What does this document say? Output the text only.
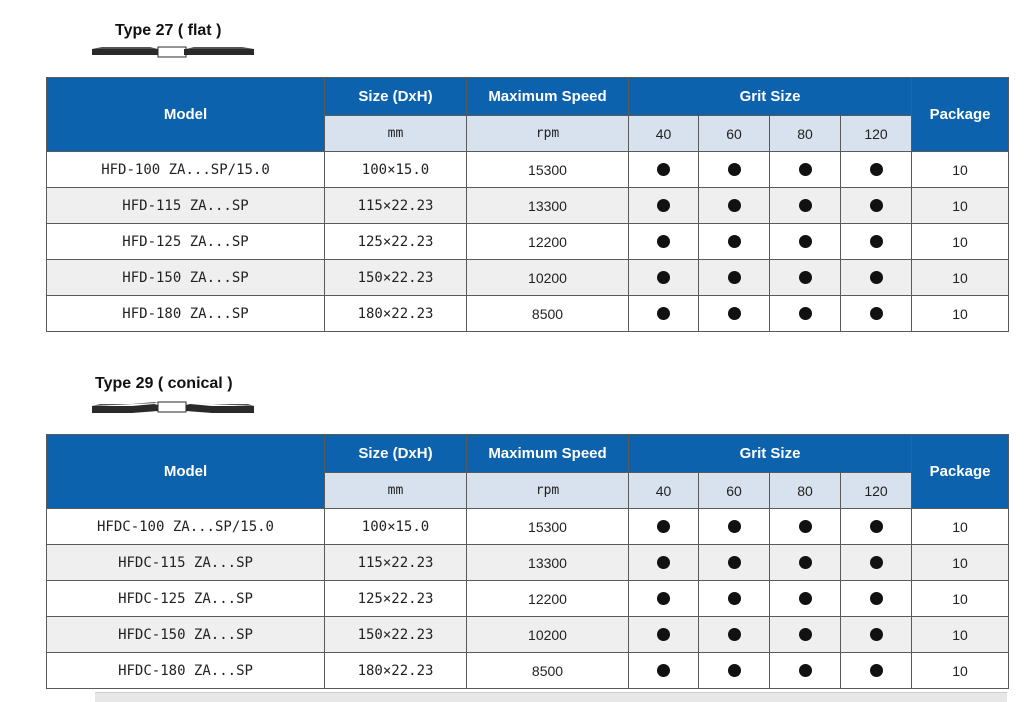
Type 27 ( flat )
Model	Size (DxH)	Maximum Speed	Grit Size				Package
	mm	rpm	40	60	80	120	
HFD-100 ZA...SP/15.0	100×15.0	15300					10
HFD-115 ZA...SP	115×22.23	13300					10
HFD-125 ZA...SP	125×22.23	12200					10
HFD-150 ZA...SP	150×22.23	10200					10
HFD-180 ZA...SP	180×22.23	8500					10
Type 29 ( conical )
Model	Size (DxH)	Maximum Speed	Grit Size				Package
	mm	rpm	40	60	80	120	
HFDC-100 ZA...SP/15.0	100×15.0	15300					10
HFDC-115 ZA...SP	115×22.23	13300					10
HFDC-125 ZA...SP	125×22.23	12200					10
HFDC-150 ZA...SP	150×22.23	10200					10
HFDC-180 ZA...SP	180×22.23	8500					10
